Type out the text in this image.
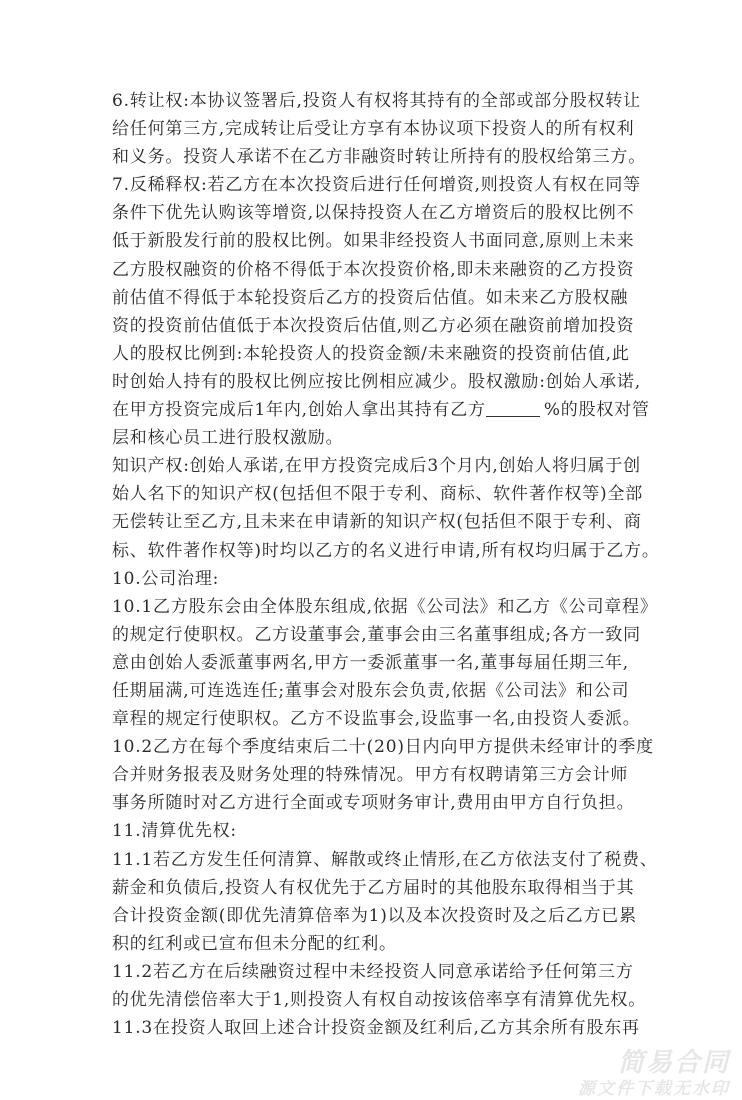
6.转让权:本协议签署后,投资人有权将其持有的全部或部分股权转让
给任何第三方,完成转让后受让方享有本协议项下投资人的所有权利
和义务。投资人承诺不在乙方非融资时转让所持有的股权给第三方。
7.反稀释权:若乙方在本次投资后进行任何增资,则投资人有权在同等
条件下优先认购该等增资,以保持投资人在乙方增资后的股权比例不
低于新股发行前的股权比例。如果非经投资人书面同意,原则上未来
乙方股权融资的价格不得低于本次投资价格,即未来融资的乙方投资
前估值不得低于本轮投资后乙方的投资后估值。如未来乙方股权融
资的投资前估值低于本次投资后估值,则乙方必须在融资前增加投资
人的股权比例到:本轮投资人的投资金额/未来融资的投资前估值,此
时创始人持有的股权比例应按比例相应减少。股权激励:创始人承诺,
在甲方投资完成后1年内,创始人拿出其持有乙方	%的股权对管
层和核心员工进行股权激励。
知识产权:创始人承诺,在甲方投资完成后3个月内,创始人将归属于创
始人名下的知识产权(包括但不限于专利、商标、软件著作权等)全部
无偿转让至乙方,且未来在申请新的知识产权(包括但不限于专利、商
标、软件著作权等)时均以乙方的名义进行申请,所有权均归属于乙方。
10.公司治理:
10.1乙方股东会由全体股东组成,依据《公司法》和乙方《公司章程》
的规定行使职权。乙方设董事会,董事会由三名董事组成;各方一致同
意由创始人委派董事两名,甲方一委派董事一名,董事每届任期三年,
任期届满,可连选连任;董事会对股东会负责,依据《公司法》和公司
章程的规定行使职权。乙方不设监事会,设监事一名,由投资人委派。
10.2乙方在每个季度结束后二十(20)日内向甲方提供未经审计的季度
合并财务报表及财务处理的特殊情况。甲方有权聘请第三方会计师
事务所随时对乙方进行全面或专项财务审计,费用由甲方自行负担。
11.清算优先权:
11.1若乙方发生任何清算、解散或终止情形,在乙方依法支付了税费、
薪金和负债后,投资人有权优先于乙方届时的其他股东取得相当于其
合计投资金额(即优先清算倍率为1)以及本次投资时及之后乙方已累
积的红利或已宣布但未分配的红利。
11.2若乙方在后续融资过程中未经投资人同意承诺给予任何第三方
的优先清偿倍率大于1,则投资人有权自动按该倍率享有清算优先权。
11.3在投资人取回上述合计投资金额及红利后,乙方其余所有股东再
简易合同
源文件下载无水印
